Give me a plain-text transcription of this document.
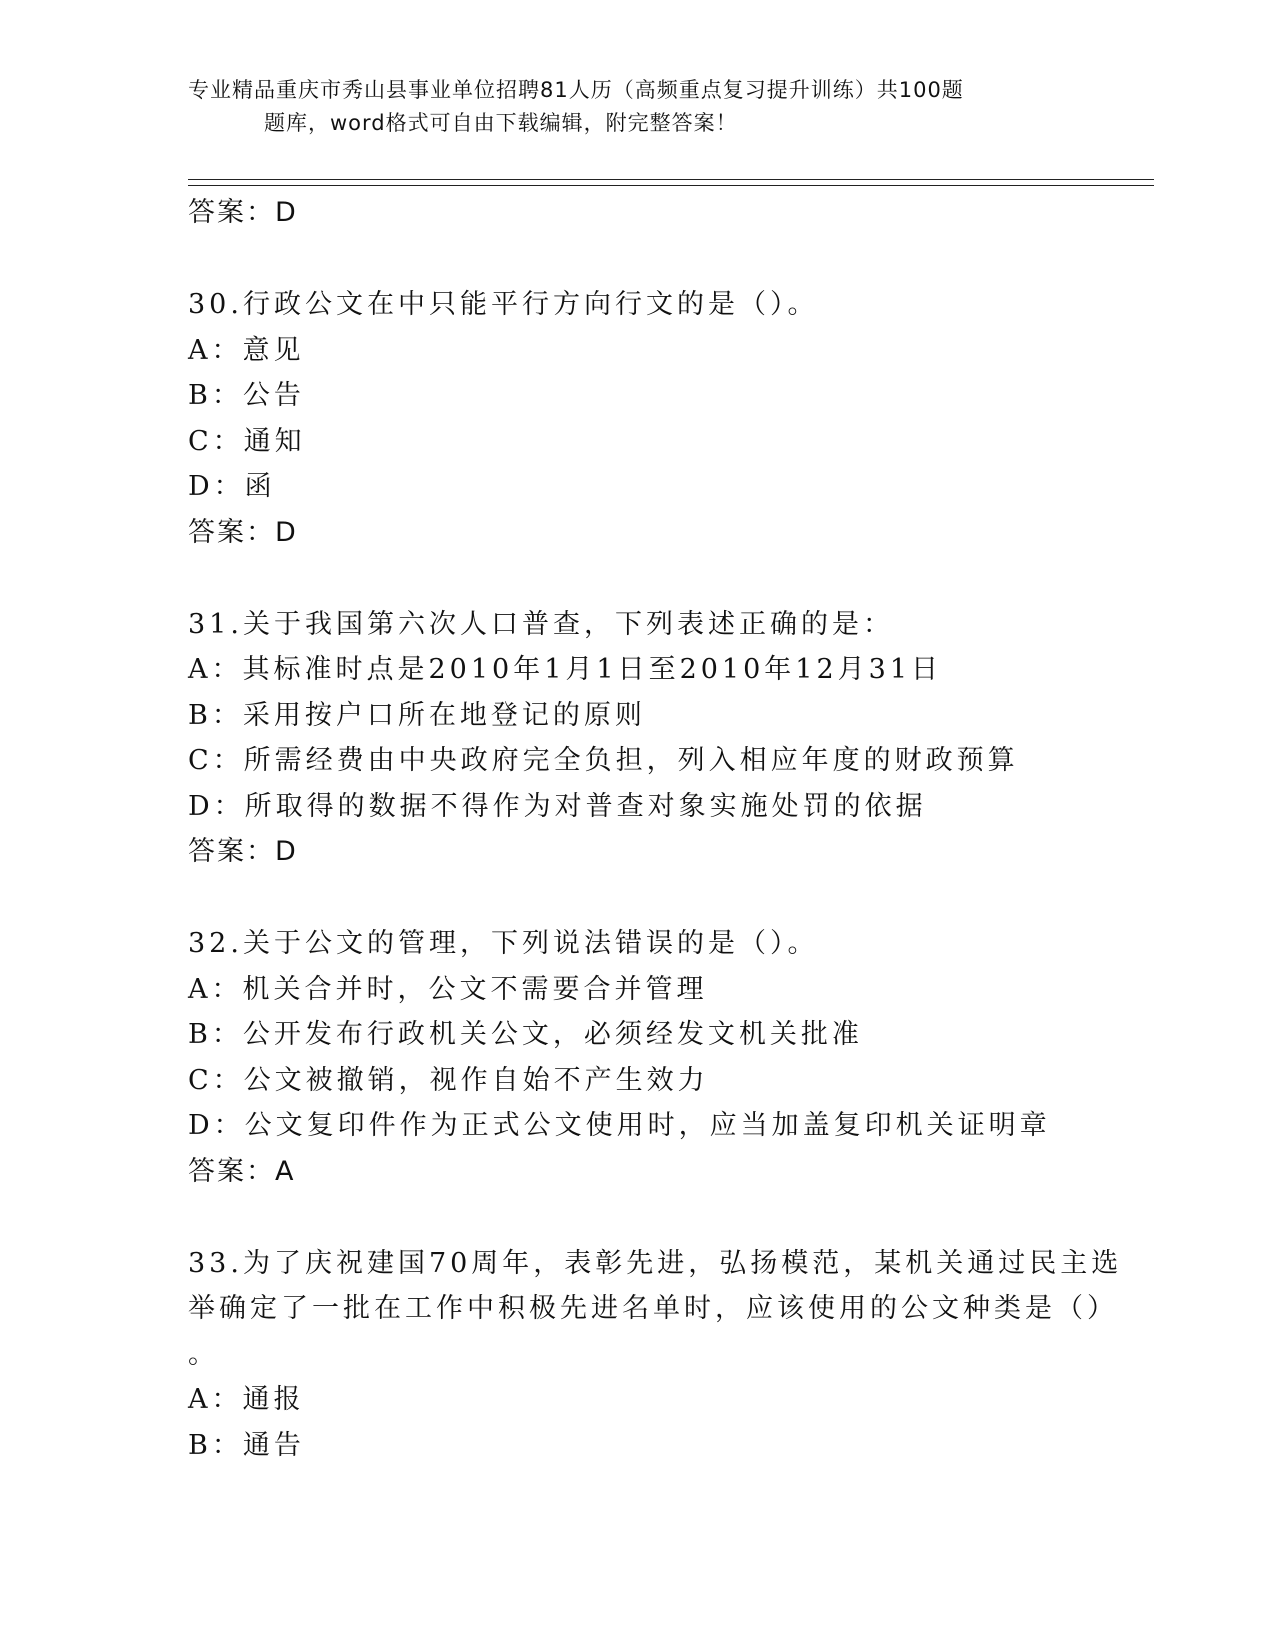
专业精品重庆市秀山县事业单位招聘81人历（高频重点复习提升训练）共100题
题库，word格式可自由下载编辑，附完整答案！
答案：D
30.行政公文在中只能平行方向行文的是（）。
A：意见
B：公告
C：通知
D：函
答案：D
31.关于我国第六次人口普查，下列表述正确的是：
A：其标准时点是2010年1月1日至2010年12月31日
B：采用按户口所在地登记的原则
C：所需经费由中央政府完全负担，列入相应年度的财政预算
D：所取得的数据不得作为对普查对象实施处罚的依据
答案：D
32.关于公文的管理，下列说法错误的是（）。
A：机关合并时，公文不需要合并管理
B：公开发布行政机关公文，必须经发文机关批准
C：公文被撤销，视作自始不产生效力
D：公文复印件作为正式公文使用时，应当加盖复印机关证明章
答案：A
33.为了庆祝建国70周年，表彰先进，弘扬模范，某机关通过民主选
举确定了一批在工作中积极先进名单时，应该使用的公文种类是（）
。
A：通报
B：通告
